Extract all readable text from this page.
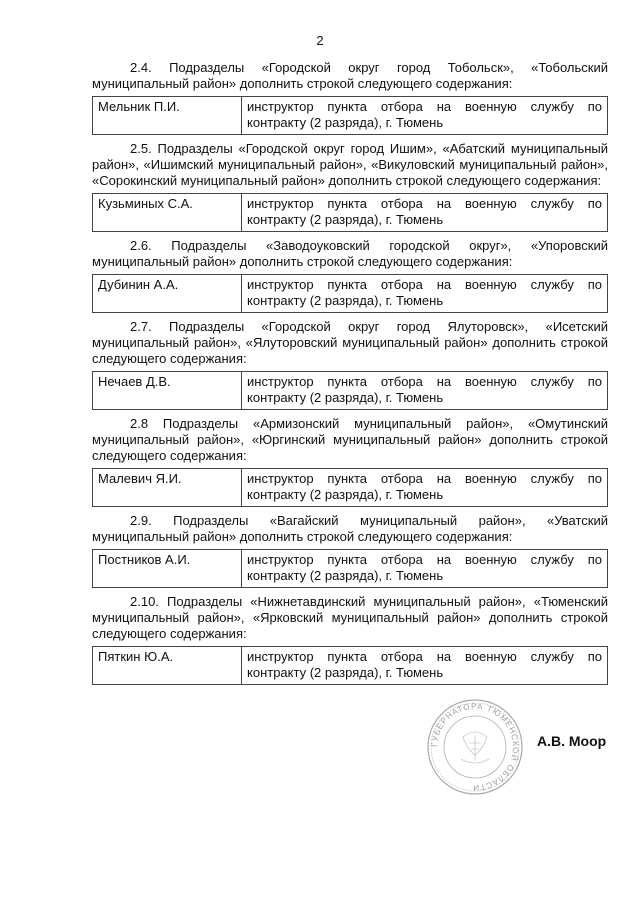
2

2.4. Подразделы «Городской округ город Тобольск», «Тобольский муниципальный район» дополнить строкой следующего содержания:

Мельник П.И.	инструктор пункта отбора на военную службу по контракту (2 разряда), г. Тюмень

2.5. Подразделы «Городской округ город Ишим», «Абатский муниципальный район», «Ишимский муниципальный район», «Викуловский муниципальный район», «Сорокинский муниципальный район» дополнить строкой следующего содержания:

Кузьминых С.А.	инструктор пункта отбора на военную службу по контракту (2 разряда), г. Тюмень

2.6. Подразделы «Заводоуковский городской округ», «Упоровский муниципальный район» дополнить строкой следующего содержания:

Дубинин А.А.	инструктор пункта отбора на военную службу по контракту (2 разряда), г. Тюмень

2.7. Подразделы «Городской округ город Ялуторовск», «Исетский муниципальный район», «Ялуторовский муниципальный район» дополнить строкой следующего содержания:

Нечаев Д.В.	инструктор пункта отбора на военную службу по контракту (2 разряда), г. Тюмень

2.8 Подразделы «Армизонский муниципальный район», «Омутинский муниципальный район», «Юргинский муниципальный район» дополнить строкой следующего содержания:

Малевич Я.И.	инструктор пункта отбора на военную службу по контракту (2 разряда), г. Тюмень

2.9. Подразделы «Вагайский муниципальный район», «Уватский муниципальный район» дополнить строкой следующего содержания:

Постников А.И.	инструктор пункта отбора на военную службу по контракту (2 разряда), г. Тюмень

2.10. Подразделы «Нижнетавдинский муниципальный район», «Тюменский муниципальный район», «Ярковский муниципальный район» дополнить строкой следующего содержания:

Пяткин Ю.А.	инструктор пункта отбора на военную службу по контракту (2 разряда), г. Тюмень
ГУБЕРНАТОРА ТЮМЕНСКОЙ ОБЛАСТИ
А.В. Моор
